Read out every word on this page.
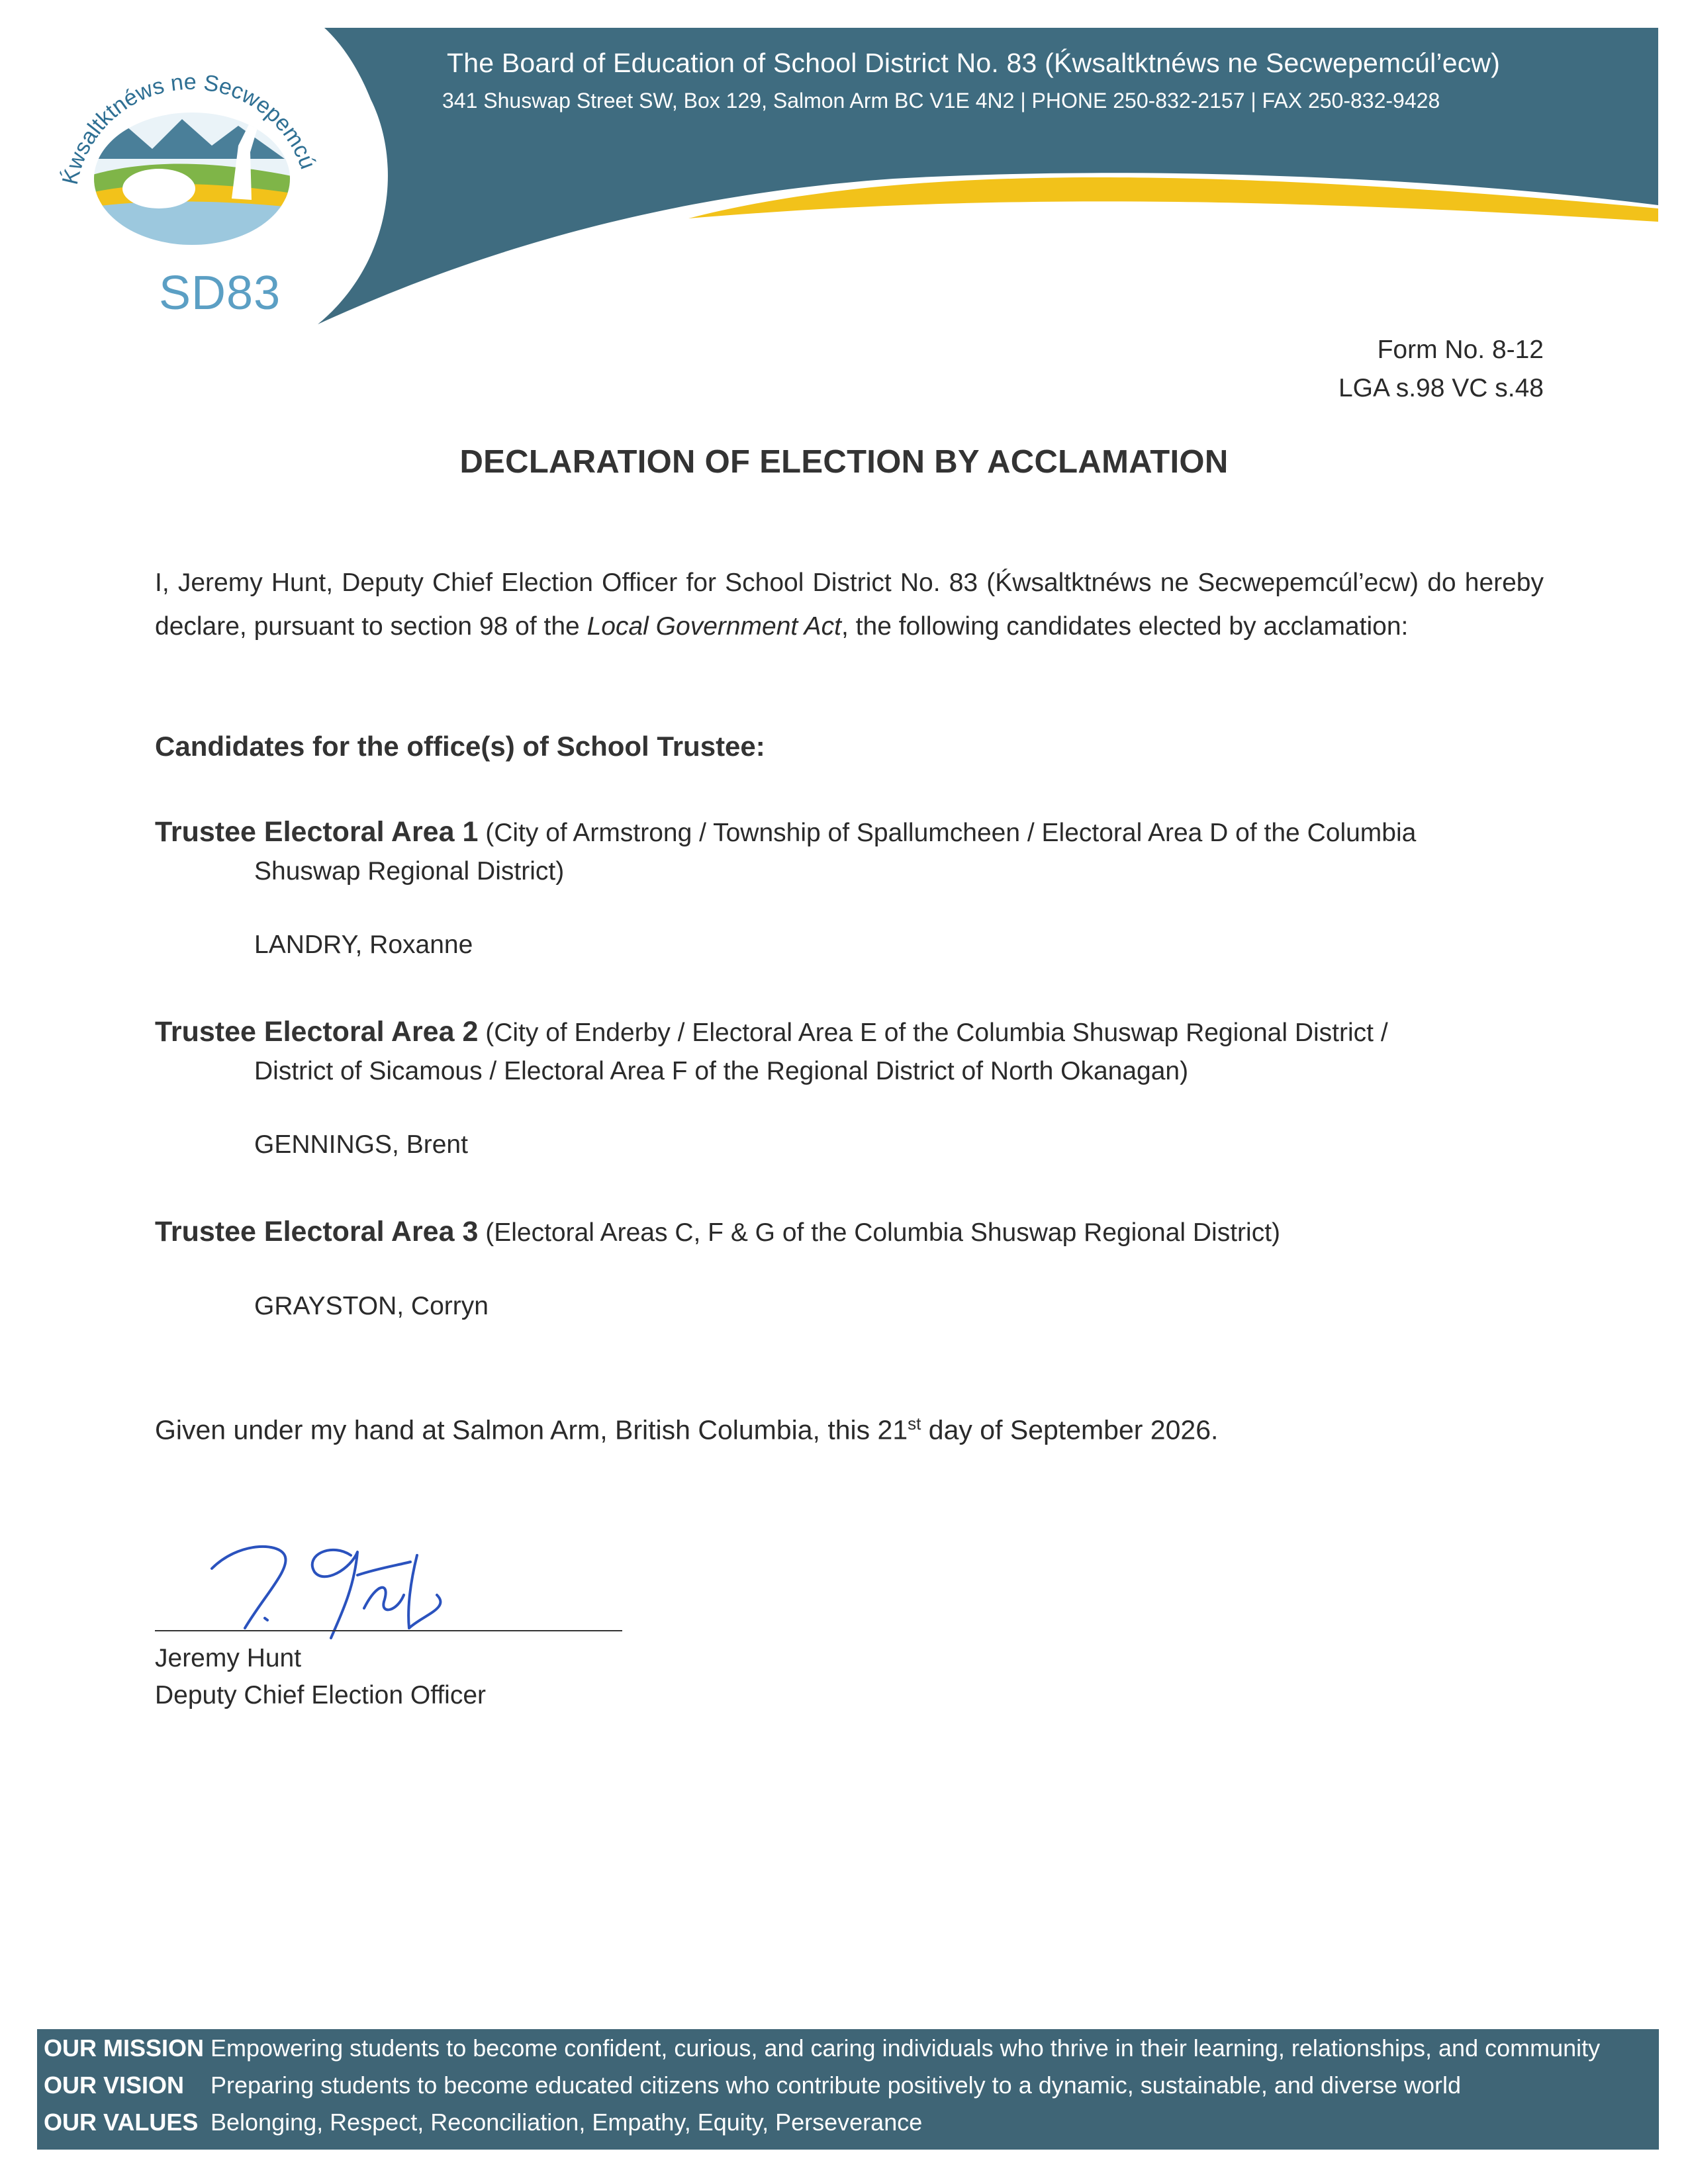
The Board of Education of School District No. 83 (Ḱwsaltktnéws ne Secwepemcúl’ecw)
341 Shuswap Street SW, Box 129, Salmon Arm BC V1E 4N2 | PHONE 250-832-2157 | FAX 250-832-9428
Ḱwsaltktnéws ne Secwepemcú
SD83
Form No. 8-12
LGA s.98 VC s.48
DECLARATION OF ELECTION BY ACCLAMATION
I, Jeremy Hunt, Deputy Chief Election Officer for School District No. 83 (Ḱwsaltktnéws ne Secwepemcúl’ecw) do hereby declare, pursuant to section 98 of the Local Government Act, the following candidates elected by acclamation:
Candidates for the office(s) of School Trustee:
Trustee Electoral Area 1 (City of Armstrong / Township of Spallumcheen / Electoral Area D of the Columbia
Shuswap Regional District)
LANDRY, Roxanne
Trustee Electoral Area 2 (City of Enderby / Electoral Area E of the Columbia Shuswap Regional District /
District of Sicamous / Electoral Area F of the Regional District of North Okanagan)
GENNINGS, Brent
Trustee Electoral Area 3 (Electoral Areas C, F & G of the Columbia Shuswap Regional District)
GRAYSTON, Corryn
Given under my hand at Salmon Arm, British Columbia, this 21st day of September 2026.
Jeremy Hunt
Deputy Chief Election Officer
OUR MISSION Empowering students to become confident, curious, and caring individuals who thrive in their learning, relationships, and community
OUR VISION Preparing students to become educated citizens who contribute positively to a dynamic, sustainable, and diverse world
OUR VALUES Belonging, Respect, Reconciliation, Empathy, Equity, Perseverance
